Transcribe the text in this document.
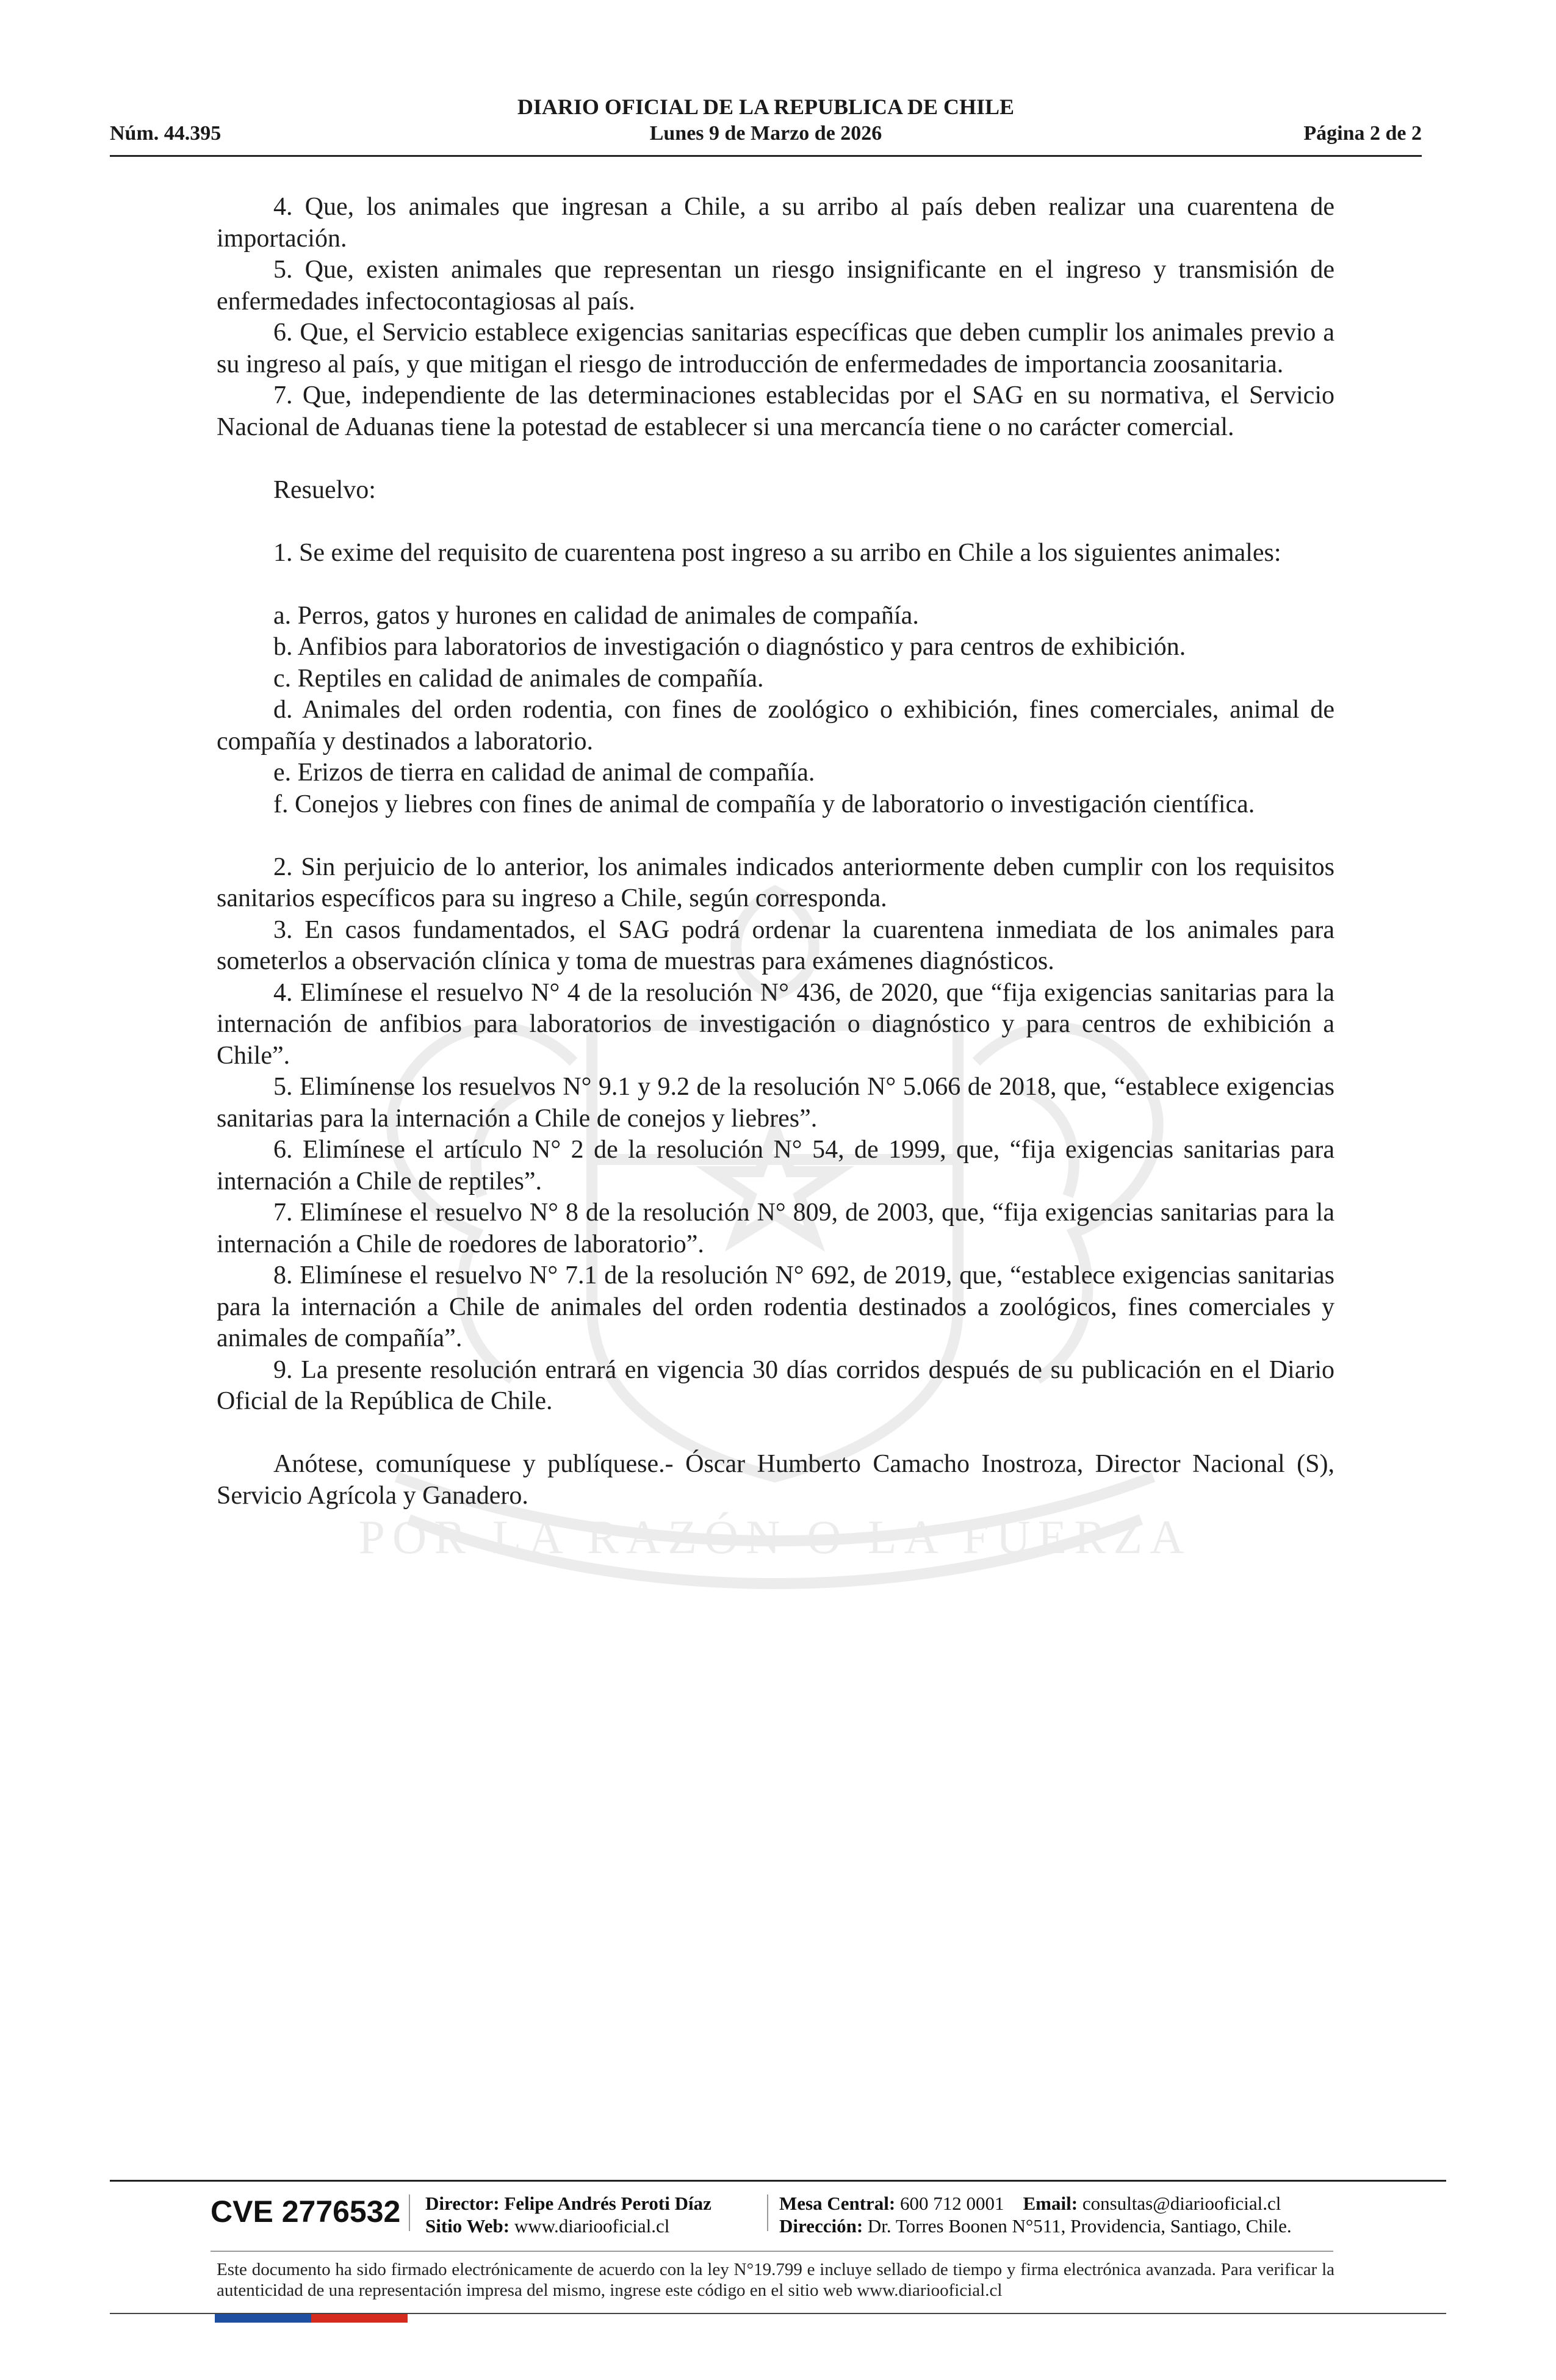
DIARIO OFICIAL DE LA REPUBLICA DE CHILE
Núm. 44.395	Lunes 9 de Marzo de 2026	Página 2 de 2
POR LA RAZÓN O LA FUERZA

4. Que, los animales que ingresan a Chile, a su arribo al país deben realizar una cuarentena de importación.

5. Que, existen animales que representan un riesgo insignificante en el ingreso y transmisión de enfermedades infectocontagiosas al país.

6. Que, el Servicio establece exigencias sanitarias específicas que deben cumplir los animales previo a su ingreso al país, y que mitigan el riesgo de introducción de enfermedades de importancia zoosanitaria.

7. Que, independiente de las determinaciones establecidas por el SAG en su normativa, el Servicio Nacional de Aduanas tiene la potestad de establecer si una mercancía tiene o no carácter comercial.

Resuelvo:

1. Se exime del requisito de cuarentena post ingreso a su arribo en Chile a los siguientes animales:

a. Perros, gatos y hurones en calidad de animales de compañía.

b. Anfibios para laboratorios de investigación o diagnóstico y para centros de exhibición.

c. Reptiles en calidad de animales de compañía.

d. Animales del orden rodentia, con fines de zoológico o exhibición, fines comerciales, animal de compañía y destinados a laboratorio.

e. Erizos de tierra en calidad de animal de compañía.

f. Conejos y liebres con fines de animal de compañía y de laboratorio o investigación científica.

2. Sin perjuicio de lo anterior, los animales indicados anteriormente deben cumplir con los requisitos sanitarios específicos para su ingreso a Chile, según corresponda.

3. En casos fundamentados, el SAG podrá ordenar la cuarentena inmediata de los animales para someterlos a observación clínica y toma de muestras para exámenes diagnósticos.

4. Elimínese el resuelvo N° 4 de la resolución N° 436, de 2020, que “fija exigencias sanitarias para la internación de anfibios para laboratorios de investigación o diagnóstico y para centros de exhibición a Chile”.

5. Elimínense los resuelvos N° 9.1 y 9.2 de la resolución N° 5.066 de 2018, que, “establece exigencias sanitarias para la internación a Chile de conejos y liebres”.

6. Elimínese el artículo N° 2 de la resolución N° 54, de 1999, que, “fija exigencias sanitarias para internación a Chile de reptiles”.

7. Elimínese el resuelvo N° 8 de la resolución N° 809, de 2003, que, “fija exigencias sanitarias para la internación a Chile de roedores de laboratorio”.

8. Elimínese el resuelvo N° 7.1 de la resolución N° 692, de 2019, que, “establece exigencias sanitarias para la internación a Chile de animales del orden rodentia destinados a zoológicos, fines comerciales y animales de compañía”.

9. La presente resolución entrará en vigencia 30 días corridos después de su publicación en el Diario Oficial de la República de Chile.

Anótese, comuníquese y publíquese.- Óscar Humberto Camacho Inostroza, Director Nacional (S), Servicio Agrícola y Ganadero.

CVE 2776532 Director: Felipe Andrés Peroti Díaz
Sitio Web: www.diariooficial.cl
Mesa Central: 600 712 0001 Email: consultas@diariooficial.cl
Dirección: Dr. Torres Boonen N°511, Providencia, Santiago, Chile.
Este documento ha sido firmado electrónicamente de acuerdo con la ley N°19.799 e incluye sellado de tiempo y firma electrónica avanzada. Para verificar la autenticidad de una representación impresa del mismo, ingrese este código en el sitio web www.diariooficial.cl
